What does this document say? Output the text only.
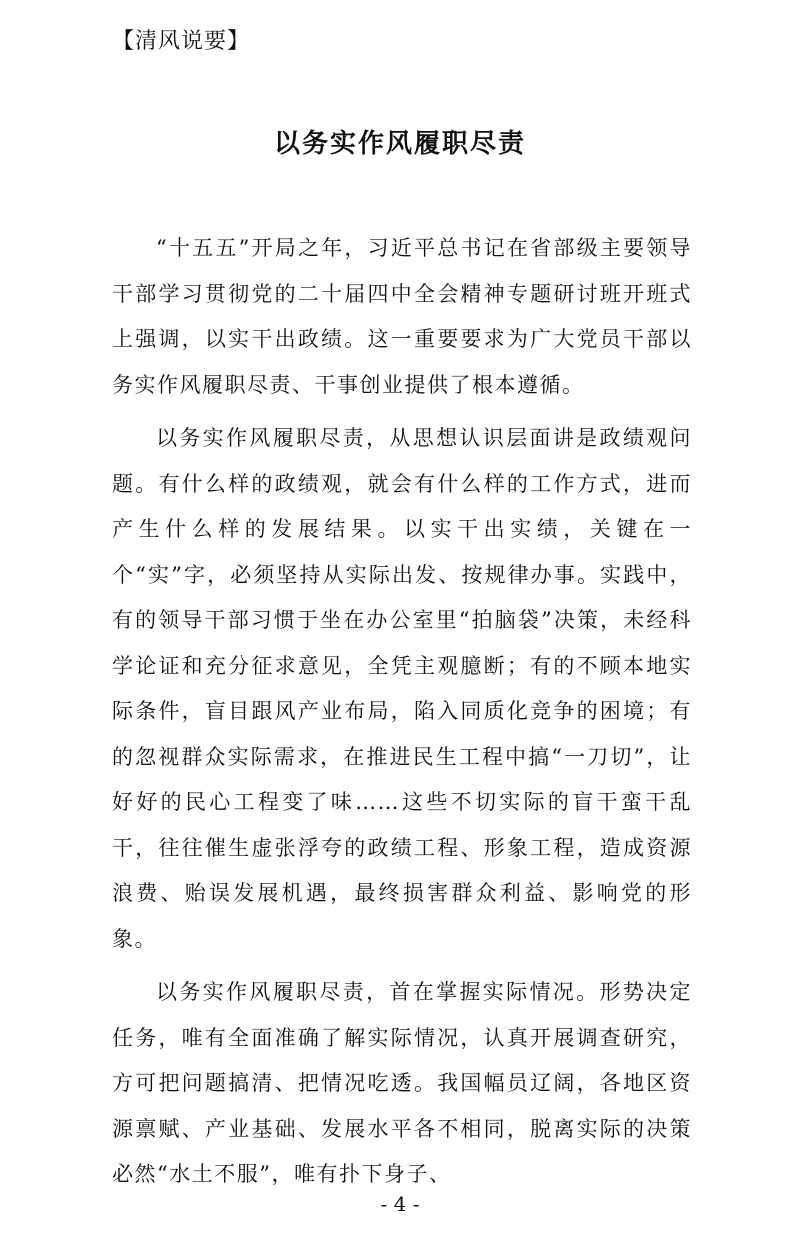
【清风说要】
以务实作风履职尽责

“十五五”开局之年，习近平总书记在省部级主要领导干部学习贯彻党的二十届四中全会精神专题研讨班开班式上强调，以实干出政绩。这一重要要求为广大党员干部以务实作风履职尽责、干事创业提供了根本遵循。

以务实作风履职尽责，从思想认识层面讲是政绩观问题。有什么样的政绩观，就会有什么样的工作方式，进而产生什么样的发展结果。以实干出实绩，关键在一个“实”字，必须坚持从实际出发、按规律办事。实践中，有的领导干部习惯于坐在办公室里“拍脑袋”决策，未经科学论证和充分征求意见，全凭主观臆断；有的不顾本地实际条件，盲目跟风产业布局，陷入同质化竞争的困境；有的忽视群众实际需求，在推进民生工程中搞“一刀切”，让好好的民心工程变了味……这些不切实际的盲干蛮干乱干，往往催生虚张浮夸的政绩工程、形象工程，造成资源浪费、贻误发展机遇，最终损害群众利益、影响党的形象。

以务实作风履职尽责，首在掌握实际情况。形势决定任务，唯有全面准确了解实际情况，认真开展调查研究，方可把问题搞清、把情况吃透。我国幅员辽阔，各地区资源禀赋、产业基础、发展水平各不相同，脱离实际的决策必然“水土不服”，唯有扑下身子、

- 4 -
